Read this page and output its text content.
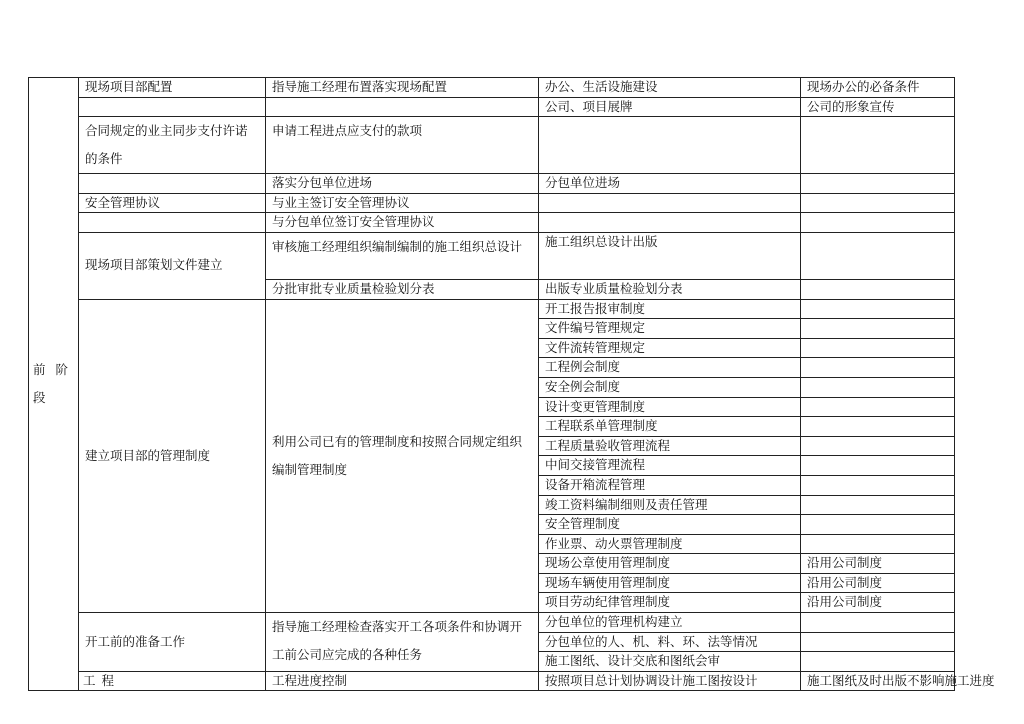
前阶段	现场项目部配置	指导施工经理布置落实现场配置	办公、生活设施建设	现场办公的必备条件	
			公司、项目展牌	公司的形象宣传	
	合同规定的业主同步支付许诺的条件	申请工程进点应支付的款项			
		落实分包单位进场	分包单位进场		
	安全管理协议	与业主签订安全管理协议			
		与分包单位签订安全管理协议			
	现场项目部策划文件建立	审核施工经理组织编制编制的施工组织总设计	施工组织总设计出版		
		分批审批专业质量检验划分表	出版专业质量检验划分表		
	建立项目部的管理制度	利用公司已有的管理制度和按照合同规定组织编制管理制度	开工报告报审制度		
			文件编号管理规定		
			文件流转管理规定		
			工程例会制度		
			安全例会制度		
			设计变更管理制度		
			工程联系单管理制度		
			工程质量验收管理流程		
			中间交接管理流程		
			设备开箱流程管理		
			竣工资料编制细则及责任管理		
			安全管理制度		
			作业票、动火票管理制度		
			现场公章使用管理制度	沿用公司制度	
			现场车辆使用管理制度	沿用公司制度	
			项目劳动纪律管理制度	沿用公司制度	
	开工前的准备工作	指导施工经理检查落实开工各项条件和协调开工前公司应完成的各种任务	分包单位的管理机构建立		
			分包单位的人、机、料、环、法等情况		
			施工图纸、设计交底和图纸会审		
	工程	工程进度控制	按照项目总计划协调设计施工图按设计	施工图纸及时出版不影响施工进度	
